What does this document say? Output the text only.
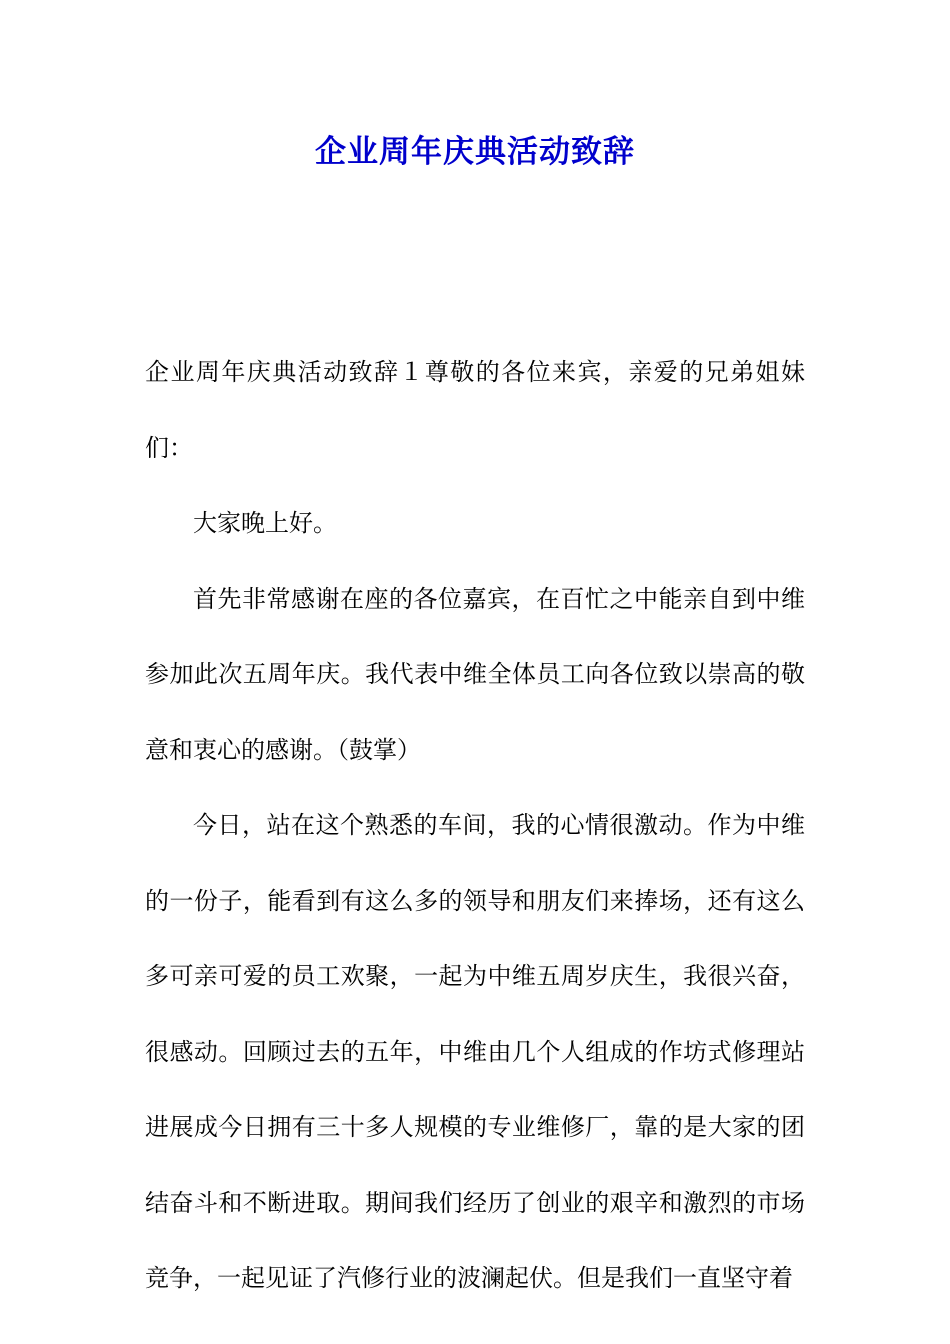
企业周年庆典活动致辞

企业周年庆典活动致辞１尊敬的各位来宾，亲爱的兄弟姐妹们：

大家晚上好。

首先非常感谢在座的各位嘉宾，在百忙之中能亲自到中维参加此次五周年庆。我代表中维全体员工向各位致以崇高的敬意和衷心的感谢。（鼓掌）

今日，站在这个熟悉的车间，我的心情很激动。作为中维的一份子，能看到有这么多的领导和朋友们来捧场，还有这么多可亲可爱的员工欢聚，一起为中维五周岁庆生，我很兴奋，很感动。回顾过去的五年，中维由几个人组成的作坊式修理站进展成今日拥有三十多人规模的专业维修厂，靠的是大家的团结奋斗和不断进取。期间我们经历了创业的艰辛和激烈的市场竞争，一起见证了汽修行业的波澜起伏。但是我们一直坚守着
